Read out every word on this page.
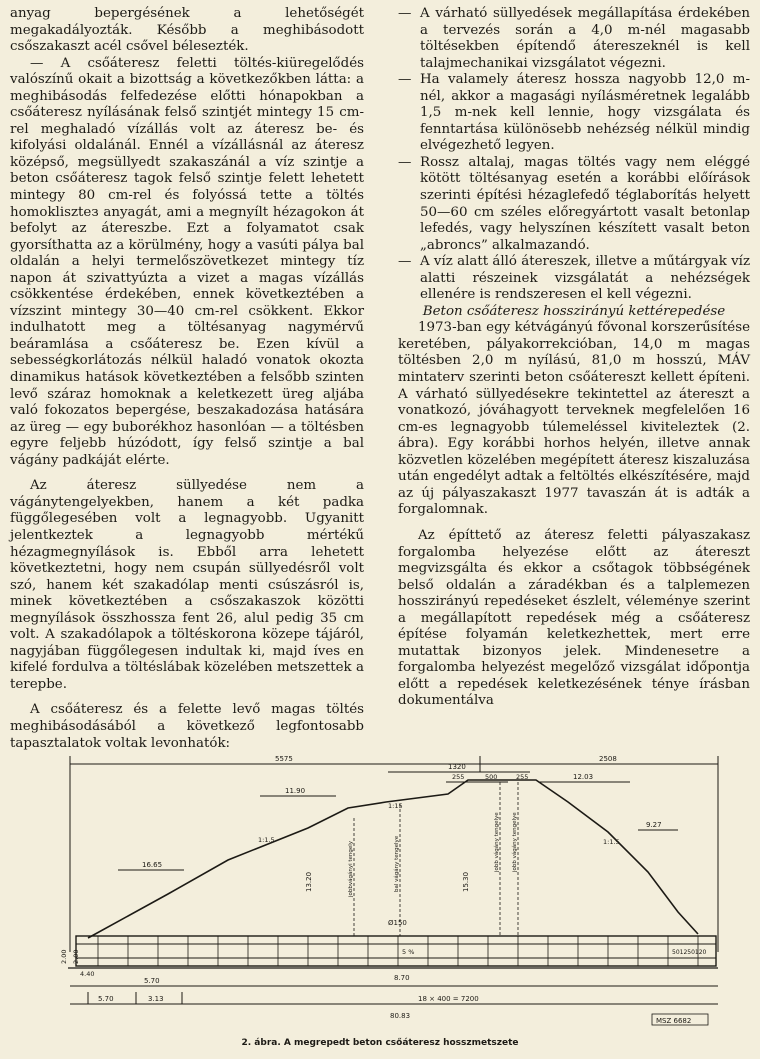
anyag bepergésének a lehetőségét megakadályozták. Később a meghibásodott csőszakaszt acél csővel bélesezték.

— A csőáteresz feletti töltés-kiüregelődés valószínű okait a bizottság a következőkben látta: a meghibásodás felfedezése előtti hónapokban a csőáteresz nyílásának felső szintjét mintegy 15 cm-rel meghaladó vízállás volt az áteresz be- és kifolyási oldalánál. Ennél a vízállásnál az áteresz középső, megsüllyedt szakaszánál a víz szintje a beton csőáteresz tagok felső szintje felett lehetett mintegy 80 cm-rel és folyóssá tette a töltés homokliszteз anyagát, ami a megnyílt hézagokon át befolyt az átereszbe. Ezt a folyamatot csak gyorsíthatta az a körülmény, hogy a vasúti pálya bal oldalán a helyi termelőszövetkezet mintegy tíz napon át szivattyúzta a vizet a magas vízállás csökkentése érdekében, ennek következtében a vízszint mintegy 30—40 cm-rel csökkent. Ekkor indulhatott meg a töltésanyag nagymérvű beáramlása a csőáteresz be. Ezen kívül a sebességkorlátozás nélkül haladó vonatok okozta dinamikus hatások következtében a felsőbb szinten levő száraz homoknak a keletkezett üreg aljába való fokozatos bepergése, beszakadozása hatására az üreg — egy buborékhoz hasonlóan — a töltésben egyre feljebb húzódott, így felső szintje a bal vágány padkáját elérte.

Az áteresz süllyedése nem a vágánytengelyekben, hanem a két padka függőlegesében volt a legnagyobb. Ugyanitt jelentkeztek a legnagyobb mértékű hézagmegnyílások is. Ebből arra lehetett következtetni, hogy nem csupán süllyedésről volt szó, hanem két szakadólap menti csúszásról is, minek következtében a csőszakaszok közötti megnyílások összhossza fent 26, alul pedig 35 cm volt. A szakadólapok a töltéskorona közepe tájáról, nagyjában függőlegesen indultak ki, majd íves en kifelé fordulva a töltéslábak közelében metszettek a terepbe.

A csőáteresz és a felette levő magas töltés meghibásodásából a következő legfontosabb tapasztalatok voltak levonhatók:

— A várható süllyedések megállapítása érdekében a tervezés során a 4,0 m-nél magasabb töltésekben építendő átereszeknél is kell talajmechanikai vizsgálatot végezni.
— Ha valamely áteresz hossza nagyobb 12,0 m-nél, akkor a magasági nyílásméretnek legalább 1,5 m-nek kell lennie, hogy vizsgálata és fenntartása különösebb nehézség nélkül mindig elvégezhető legyen.
— Rossz altalaj, magas töltés vagy nem eléggé kötött töltésanyag esetén a korábbi előírások szerinti építési hézaglefedő téglaborítás helyett 50—60 cm széles előregyártott vasalt betonlap lefedés, vagy helyszínen készített vasalt beton „abroncs” alkalmazandó.
— A víz alatt álló átereszek, illetve a műtárgyak víz alatti részeinek vizsgálatát a nehézségek ellenére is rendszeresen el kell végezni.

Beton csőáteresz hosszirányú kettérepedése

1973-ban egy kétvágányú fővonal korszerűsítése keretében, pályakorrekcióban, 14,0 m magas töltésben 2,0 m nyílású, 81,0 m hosszú, MÁV mintaterv szerinti beton csőátereszt kellett építeni. A várható süllyedésekre tekintettel az átereszt a vonatkozó, jóváhagyott terveknek megfelelően 16 cm-es legnagyobb túlemeléssel kiviteleztek (2. ábra). Egy korábbi horhos helyén, illetve annak közvetlen közelében megépített áteresz kiszaluzása után engedélyt adtak a feltöltés elkészítésére, majd az új pályaszakaszt 1977 tavaszán át is adták a forgalomnak.

Az építtető az áteresz feletti pályaszakasz forgalomba helyezése előtt az átereszt megvizsgálta és ekkor a csőtagok többségének belső oldalán a záradékban és a talplemezen hosszirányú repedéseket észlelt, véleménye szerint a megállapított repedések még a csőáteresz építése folyamán keletkezhettek, mert erre mutattak bizonyos jelek. Mindenesetre a forgalomba helyezést megelőző vizsgálat időpontja előtt a repedések keletkezésének ténye írásban dokumentálva

5575	2508
1320
255	500	255	12.03
11.90
9.27
16.65
1:1.5	1:1.5
1:15
13.20	15.30
Ø150
5 %
8.70
5.70
5.70	3.13	18 × 400 = 7200
80.83
4.40
2.00 2.00	501250120
jobbvágányi tengely	bal vágány tengelye	jobb vágány tengelye jobb vágány tengelye
MSZ 6682
2. ábra. A megrepedt beton csőáteresz hosszmetszete
